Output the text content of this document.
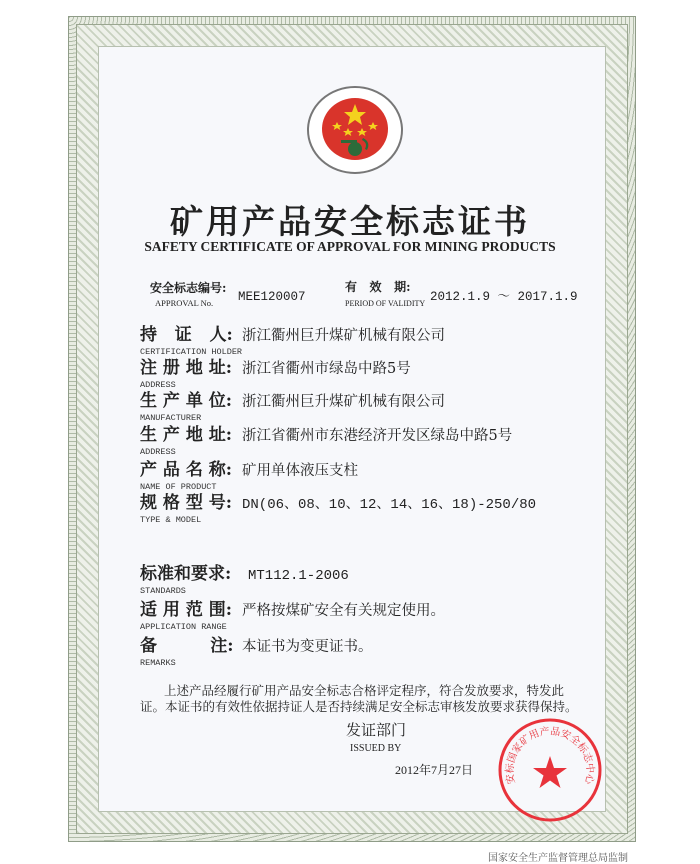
矿用产品安全标志证书
SAFETY CERTIFICATE OF APPROVAL FOR MINING PRODUCTS
安全标志编号:
APPROVAL No. MEE120007
有   效   期:
PERIOD OF VALIDITY 2012.1.9 ～ 2017.1.9
持   证   人:
CERTIFICATION HOLDER
浙江衢州巨升煤矿机械有限公司
注 册 地 址:
ADDRESS
浙江省衢州市绿岛中路5号
生 产 单 位:
MANUFACTURER
浙江衢州巨升煤矿机械有限公司
生 产 地 址:
ADDRESS
浙江省衢州市东港经济开发区绿岛中路5号
产 品 名 称:
NAME OF PRODUCT
矿用单体液压支柱
规 格 型 号:
TYPE & MODEL
DN(06、08、10、12、14、16、18)-250/80
标准和要求:
STANDARDS
MT112.1-2006
适 用 范 围:
APPLICATION RANGE
严格按煤矿安全有关规定使用。
备         注:
REMARKS
本证书为变更证书。
上述产品经履行矿用产品安全标志合格评定程序，符合发放要求，特发此证。本证书的有效性依据持证人是否持续满足安全标志审核发放要求获得保持。
发证部门
ISSUED BY
2012年7月27日
安标国家矿用产品安全标志中心
国家安全生产监督管理总局监制
